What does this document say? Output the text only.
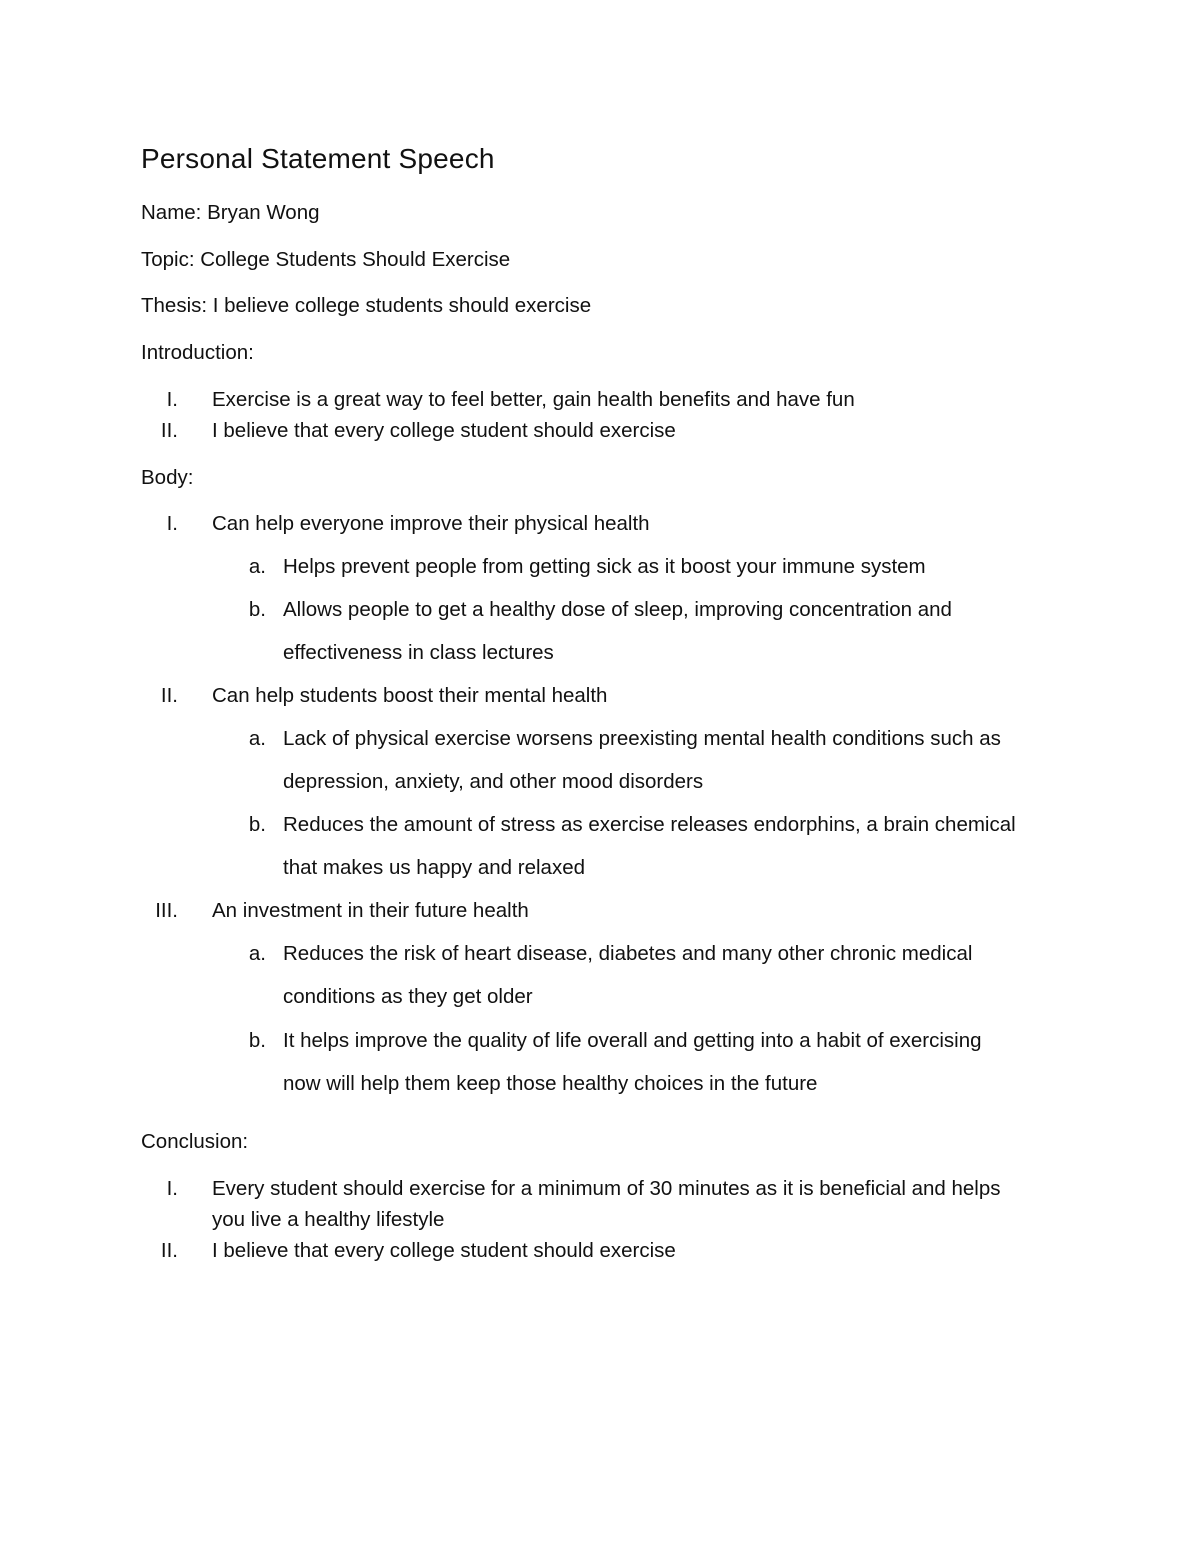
Personal Statement Speech
Name: Bryan Wong
Topic: College Students Should Exercise
Thesis: I believe college students should exercise
Introduction:
I. Exercise is a great way to feel better, gain health benefits and have fun
II. I believe that every college student should exercise
Body:
I. Can help everyone improve their physical health
a. Helps prevent people from getting sick as it boost your immune system
b. Allows people to get a healthy dose of sleep, improving concentration and
effectiveness in class lectures
II. Can help students boost their mental health
a. Lack of physical exercise worsens preexisting mental health conditions such as
depression, anxiety, and other mood disorders
b. Reduces the amount of stress as exercise releases endorphins, a brain chemical
that makes us happy and relaxed
III. An investment in their future health
a. Reduces the risk of heart disease, diabetes and many other chronic medical
conditions as they get older
b. It helps improve the quality of life overall and getting into a habit of exercising
now will help them keep those healthy choices in the future
Conclusion:
I. Every student should exercise for a minimum of 30 minutes as it is beneficial and helps
you live a healthy lifestyle
II. I believe that every college student should exercise
